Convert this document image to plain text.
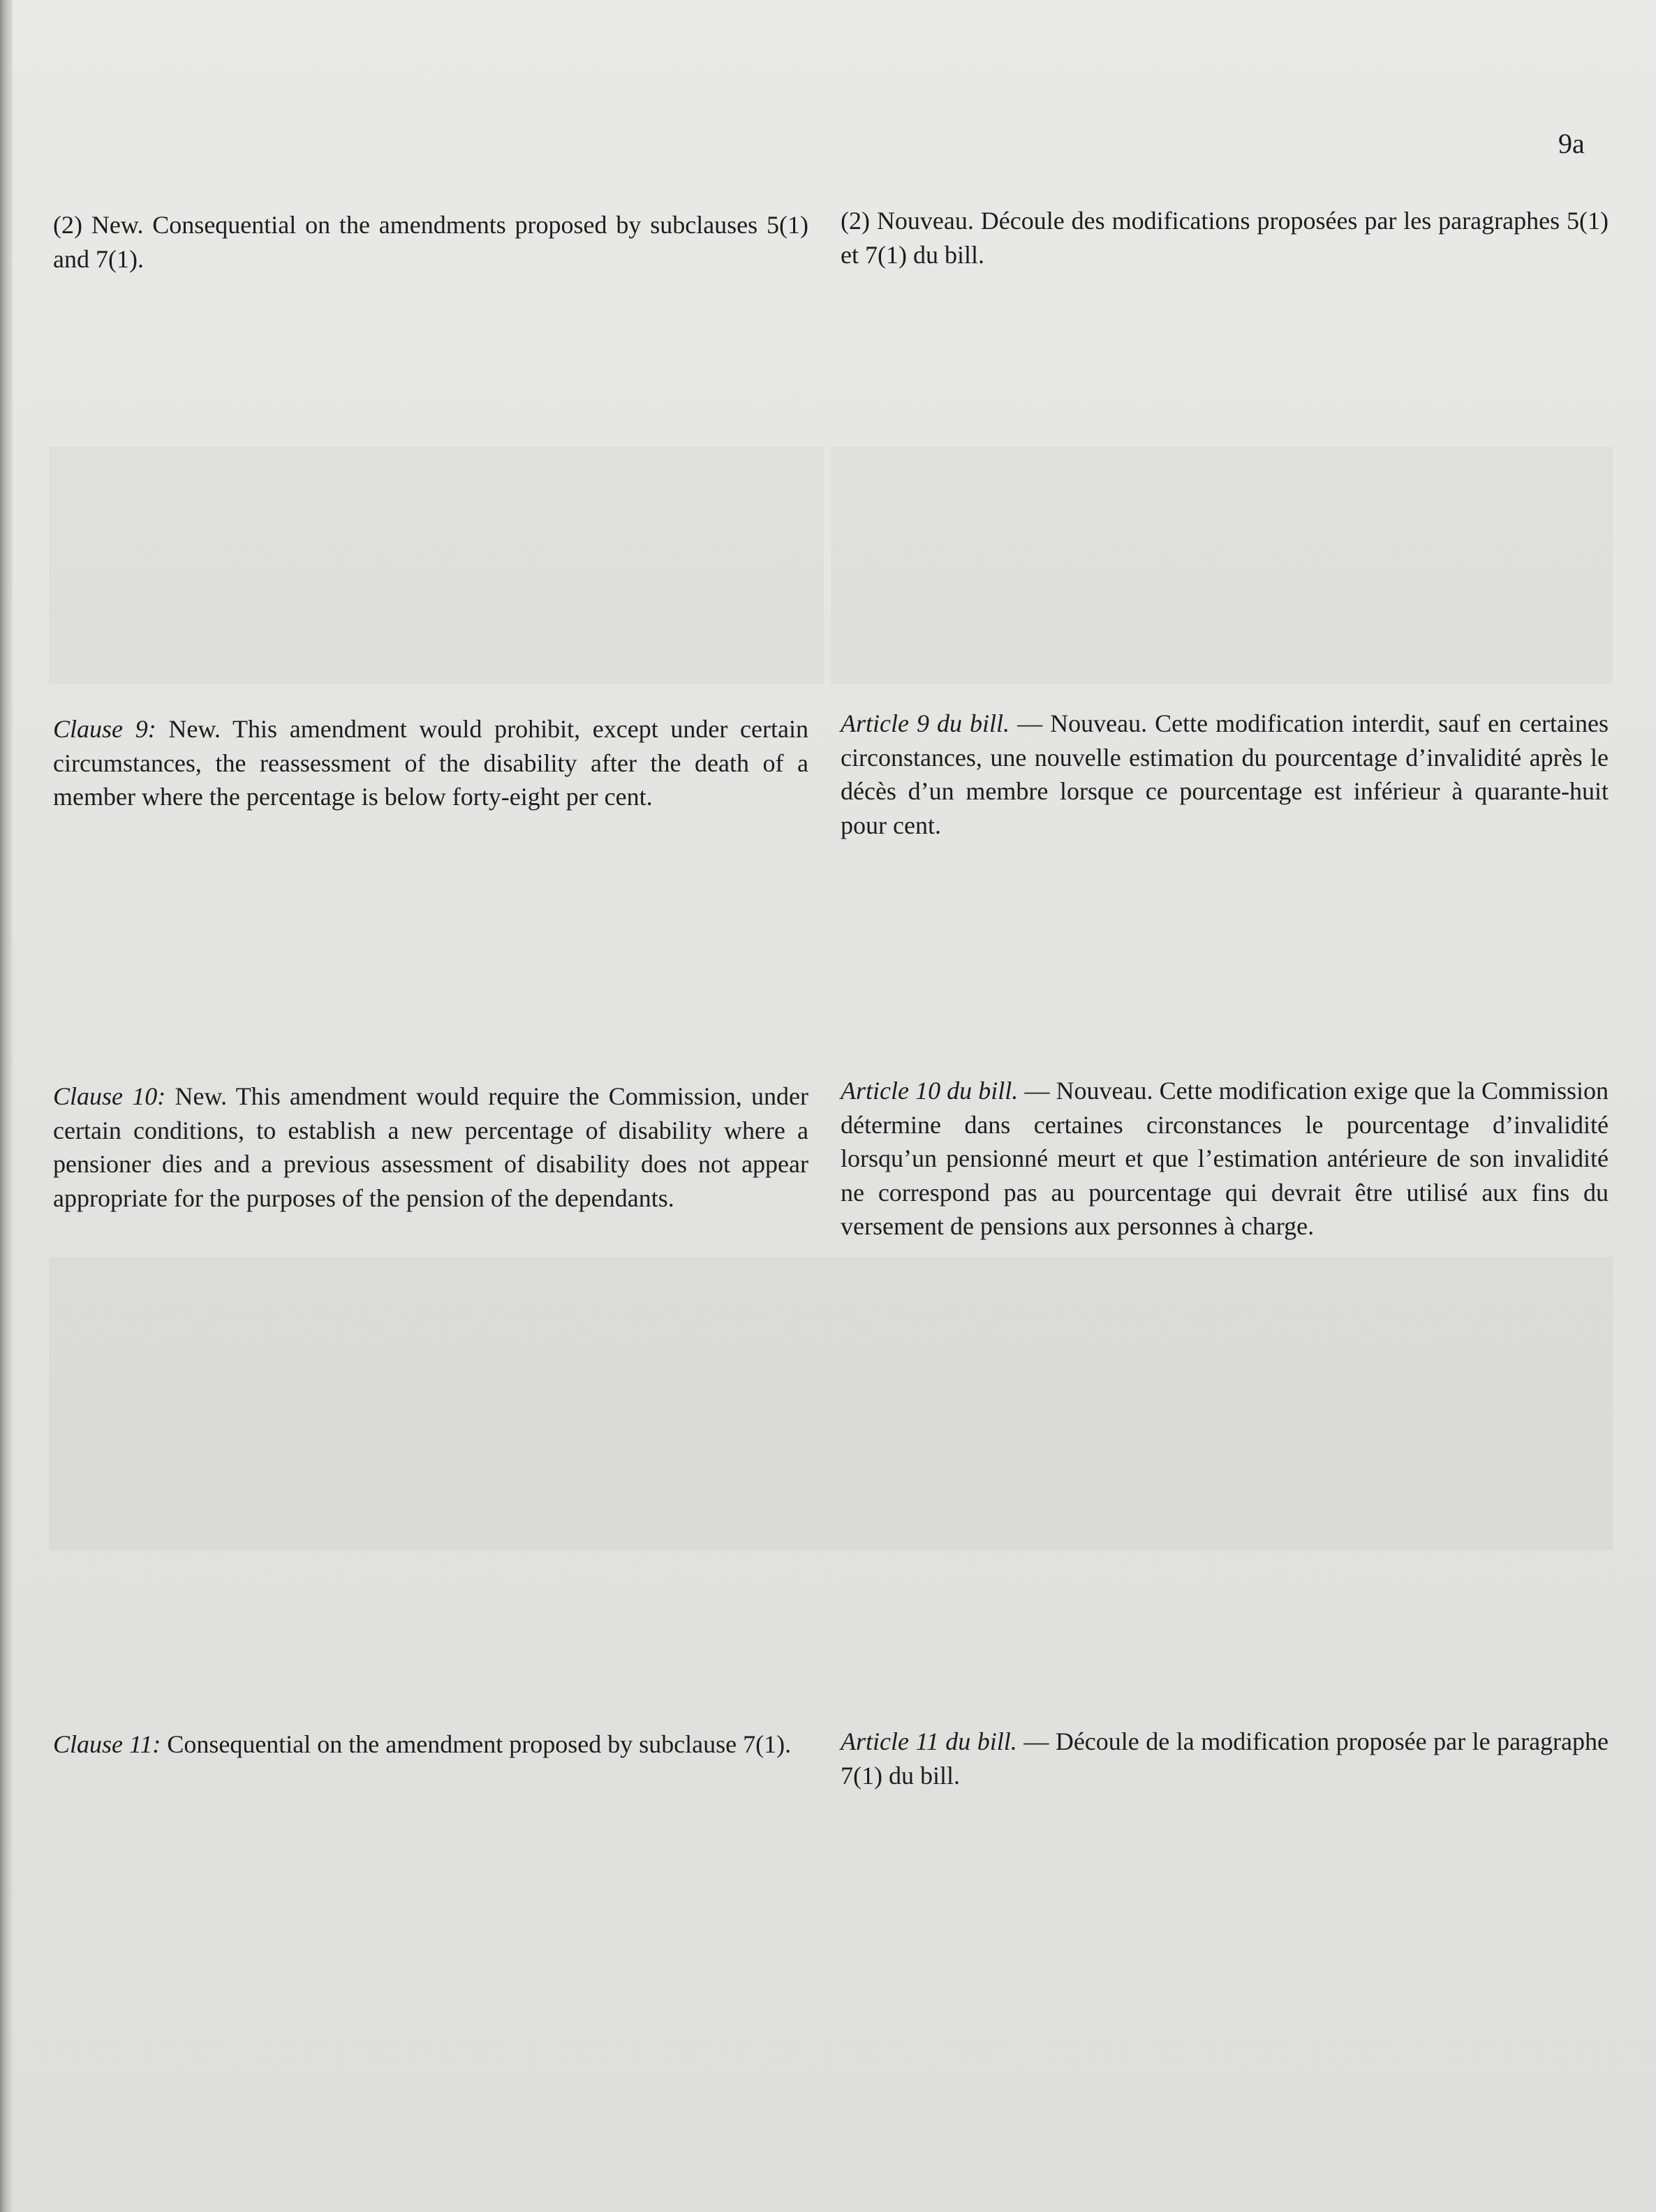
9a

(2) New. Consequential on the amendments proposed by subclauses 5(1) and 7(1).

(2) Nouveau. Découle des modifications proposées par les paragraphes 5(1) et 7(1) du bill.

Clause 9: New. This amendment would prohibit, except under certain circumstances, the reassessment of the disability after the death of a member where the percentage is below forty-eight per cent.

Article 9 du bill. — Nouveau. Cette modification interdit, sauf en certaines circonstances, une nouvelle estimation du pourcentage d’invalidité après le décès d’un membre lorsque ce pourcentage est inférieur à quarante-huit pour cent.

Clause 10: New. This amendment would require the Commission, under certain conditions, to establish a new percentage of disability where a pensioner dies and a previous assessment of disability does not appear appropriate for the purposes of the pension of the dependants.

Article 10 du bill. — Nouveau. Cette modification exige que la Commission détermine dans certaines circonstances le pourcentage d’invalidité lorsqu’un pensionné meurt et que l’estimation antérieure de son invalidité ne correspond pas au pourcentage qui devrait être utilisé aux fins du versement de pensions aux personnes à charge.

Clause 11: Consequential on the amendment proposed by subclause 7(1).	Article 11 du bill. — Découle de la modification proposée par le paragraphe 7(1) du bill.
